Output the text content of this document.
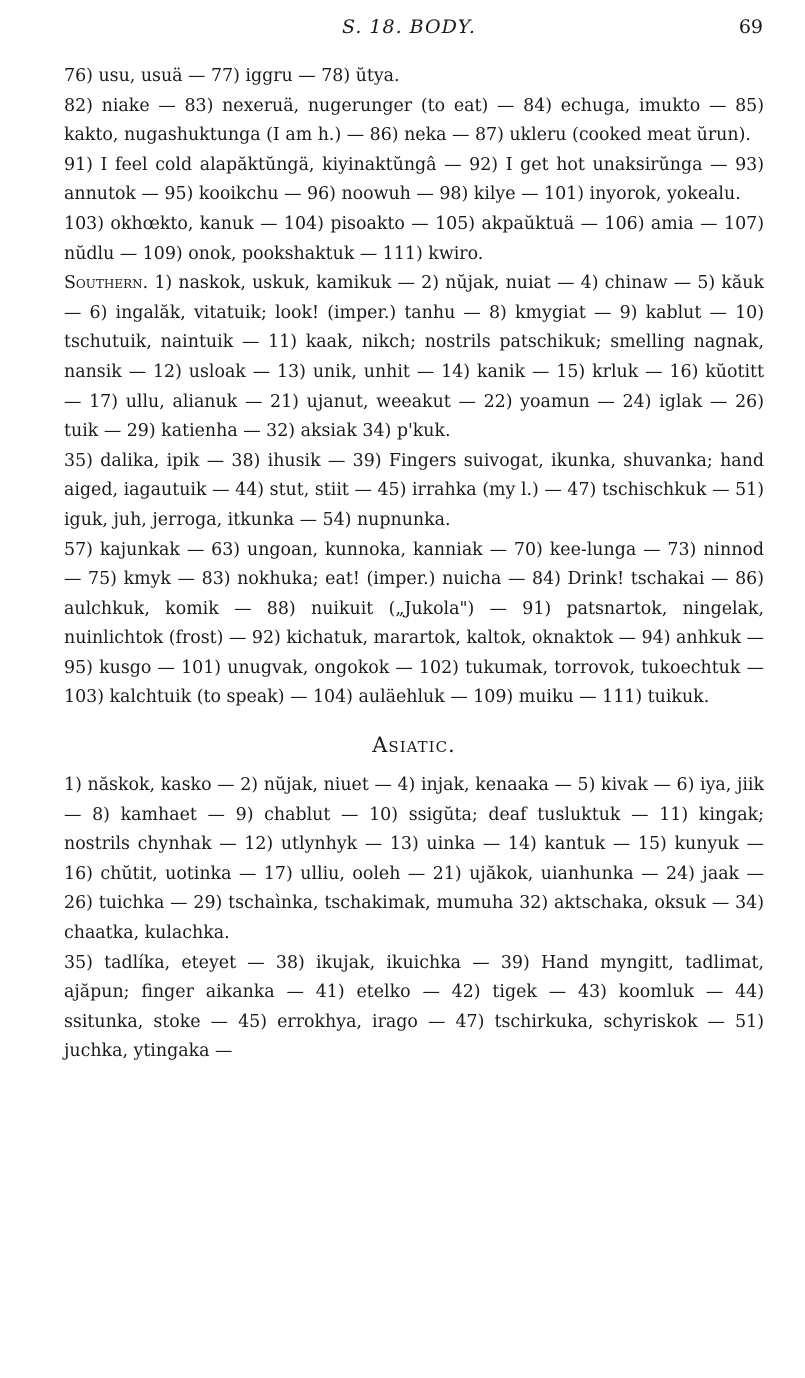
S. 18. BODY.	69

76) usu, usuä — 77) iggru — 78) ŭtya.

82) niake — 83) nexeruä, nugerunger (to eat) — 84) echuga, imukto — 85) kakto, nugashuktunga (I am h.) — 86) neka — 87) ukleru (cooked meat ŭrun).

91) I feel cold alapăktŭngä, kiyinaktŭngâ — 92) I get hot unaksirŭnga — 93) annutok — 95) kooikchu — 96) noowuh — 98) kilye — 101) inyorok, yokealu.

103) okhœkto, kanuk — 104) pisoakto — 105) akpaŭktuä — 106) amia — 107) nŭdlu — 109) onok, pookshaktuk — 111) kwiro.

Southern. 1) naskok, uskuk, kamikuk — 2) nŭjak, nuiat — 4) chinaw — 5) kăuk — 6) ingalăk, vitatuik; look! (imper.) tanhu — 8) kmygiat — 9) kablut — 10) tschutuik, naintuik — 11) kaak, nikch; nostrils patschikuk; smelling nagnak, nansik — 12) usloak — 13) unik, unhit — 14) kanik — 15) krluk — 16) kŭotitt — 17) ullu, alianuk — 21) ujanut, weeakut — 22) yoamun — 24) iglak — 26) tuik — 29) katienha — 32) aksiak 34) p'kuk.

35) dalika, ipik — 38) ihusik — 39) Fingers suivogat, ikunka, shuvanka; hand aiged, iagautuik — 44) stut, stiit — 45) irrahka (my l.) — 47) tschischkuk — 51) iguk, juh, jerroga, itkunka — 54) nupnunka.

57) kajunkak — 63) ungoan, kunnoka, kanniak — 70) kee-lunga — 73) ninnod — 75) kmyk — 83) nokhuka; eat! (imper.) nuicha — 84) Drink! tschakai — 86) aulchkuk, komik — 88) nuikuit („Jukola") — 91) patsnartok, ningelak, nuinlichtok (frost) — 92) kichatuk, marartok, kaltok, oknaktok — 94) anhkuk — 95) kusgo — 101) unugvak, ongokok — 102) tukumak, torrovok, tukoechtuk — 103) kalchtuik (to speak) — 104) auläehluk — 109) muiku — 111) tuikuk.

Asiatic.

1) năskok, kasko — 2) nŭjak, niuet — 4) injak, kenaaka — 5) kivak — 6) iya, jiik — 8) kamhaet — 9) chablut — 10) ssigŭta; deaf tusluktuk — 11) kingak; nostrils chynhak — 12) utlynhyk — 13) uinka — 14) kantuk — 15) kunyuk — 16) chŭtit, uotinka — 17) ulliu, ooleh — 21) ujăkok, uianhunka — 24) jaak — 26) tuichka — 29) tschaìnka, tschakimak, mumuha 32) aktschaka, oksuk — 34) chaatka, kulachka.

35) tadlíka, eteyet — 38) ikujak, ikuichka — 39) Hand myngitt, tadlimat, ajăpun; finger aikanka — 41) etelko — 42) tigek — 43) koomluk — 44) ssitunka, stoke — 45) errokhya, irago — 47) tschirkuka, schyriskok — 51) juchka, ytingaka —
